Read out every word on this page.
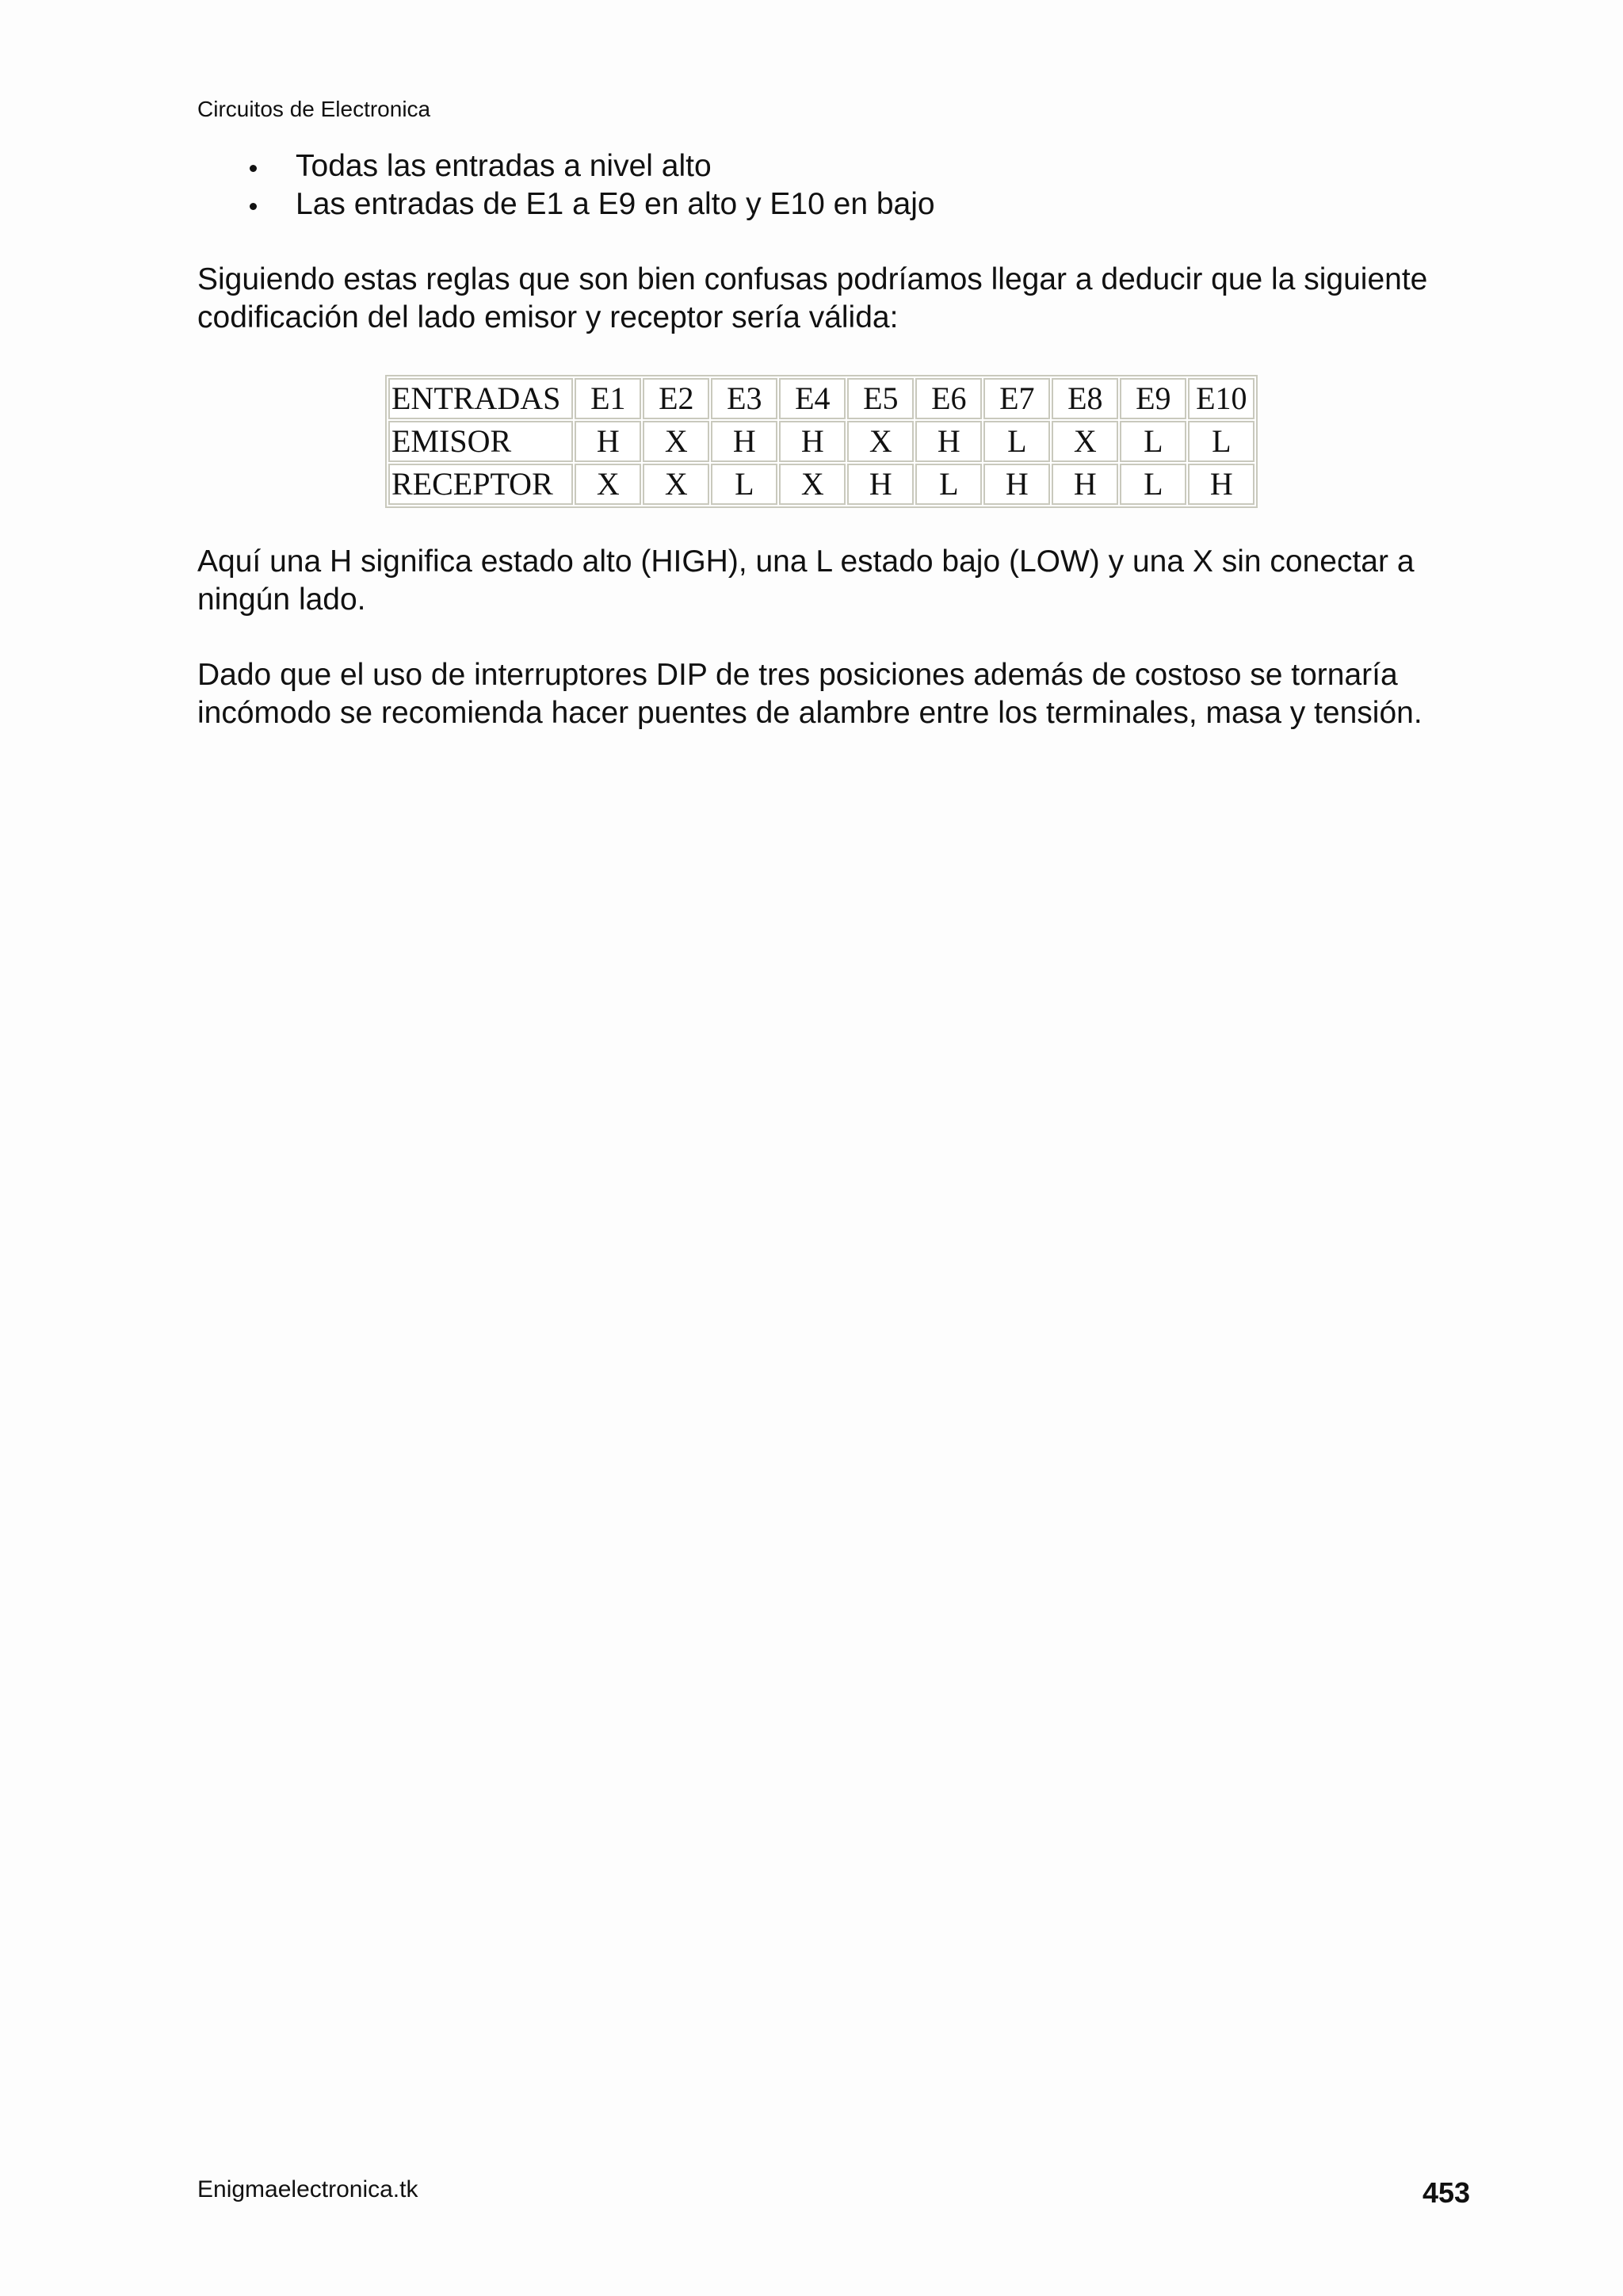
Circuitos de Electronica

Todas las entradas a nivel alto
Las entradas de E1 a E9 en alto y E10 en bajo

Siguiendo estas reglas que son bien confusas podríamos llegar a deducir que la siguiente codificación del lado emisor y receptor sería válida:

ENTRADAS	E1	E2	E3	E4	E5	E6	E7	E8	E9	E10
EMISOR	H	X	H	H	X	H	L	X	L	L
RECEPTOR	X	X	L	X	H	L	H	H	L	H

Aquí una H significa estado alto (HIGH), una L estado bajo (LOW) y una X sin conectar a ningún lado.

Dado que el uso de interruptores DIP de tres posiciones además de costoso se tornaría incómodo se recomienda hacer puentes de alambre entre los terminales, masa y tensión.

Enigmaelectronica.tk	453
